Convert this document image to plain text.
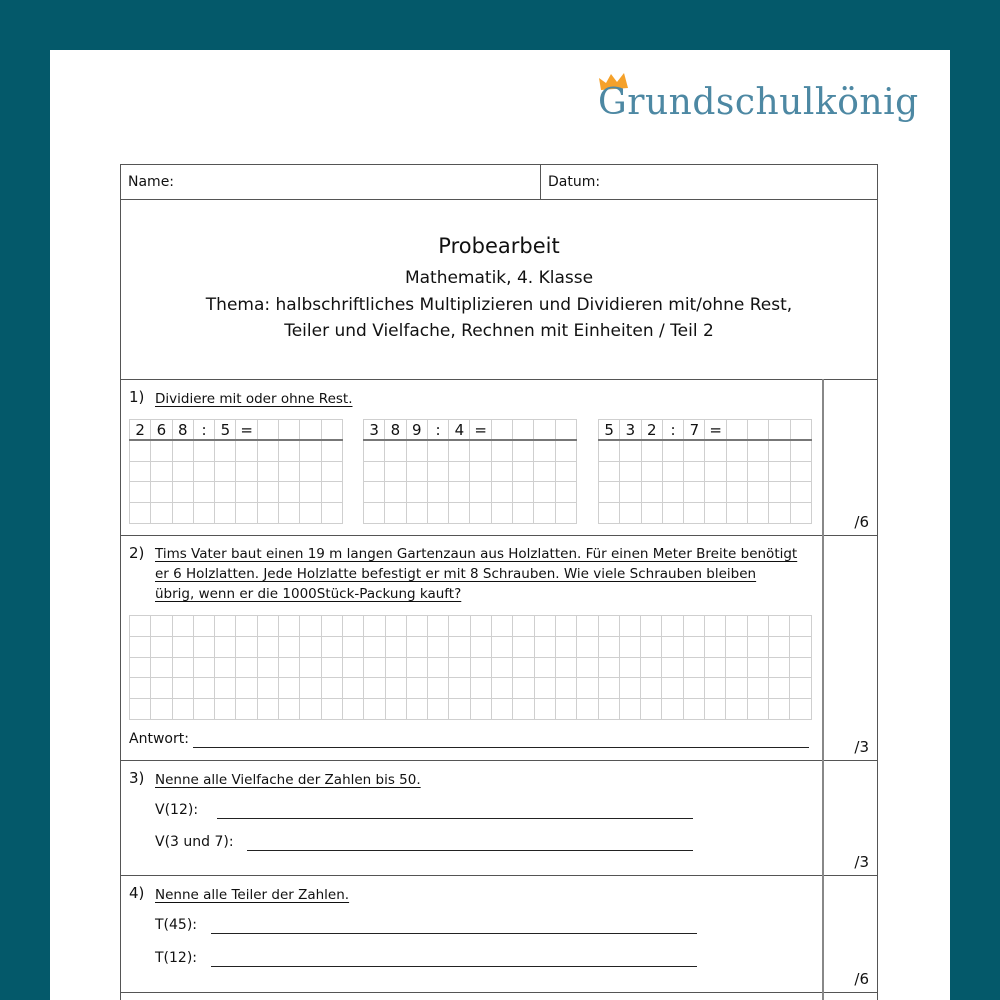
Grundschulkönig
Name:	Datum:
Probearbeit
Mathematik, 4. Klasse
Thema: halbschriftliches Multiplizieren und Dividieren mit/ohne Rest,
Teiler und Vielfache, Rechnen mit Einheiten / Teil 2
1) Dividiere mit oder ohne Rest.
2	6	8	:	5	=				

										3	8	9	:	4	=				

										5	3	2	:	7	=				

/6
2) Tims Vater baut einen 19 m langen Gartenzaun aus Holzlatten. Für einen Meter Breite benötigt
er 6 Holzlatten. Jede Holzlatte befestigt er mit 8 Schrauben. Wie viele Schrauben bleiben
übrig, wenn er die 1000Stück-Packung kauft?

Antwort:	/3
3) Nenne alle Vielfache der Zahlen bis 50.
V(12):
V(3 und 7):
/3
4) Nenne alle Teiler der Zahlen.
T(45):
T(12):
/6
